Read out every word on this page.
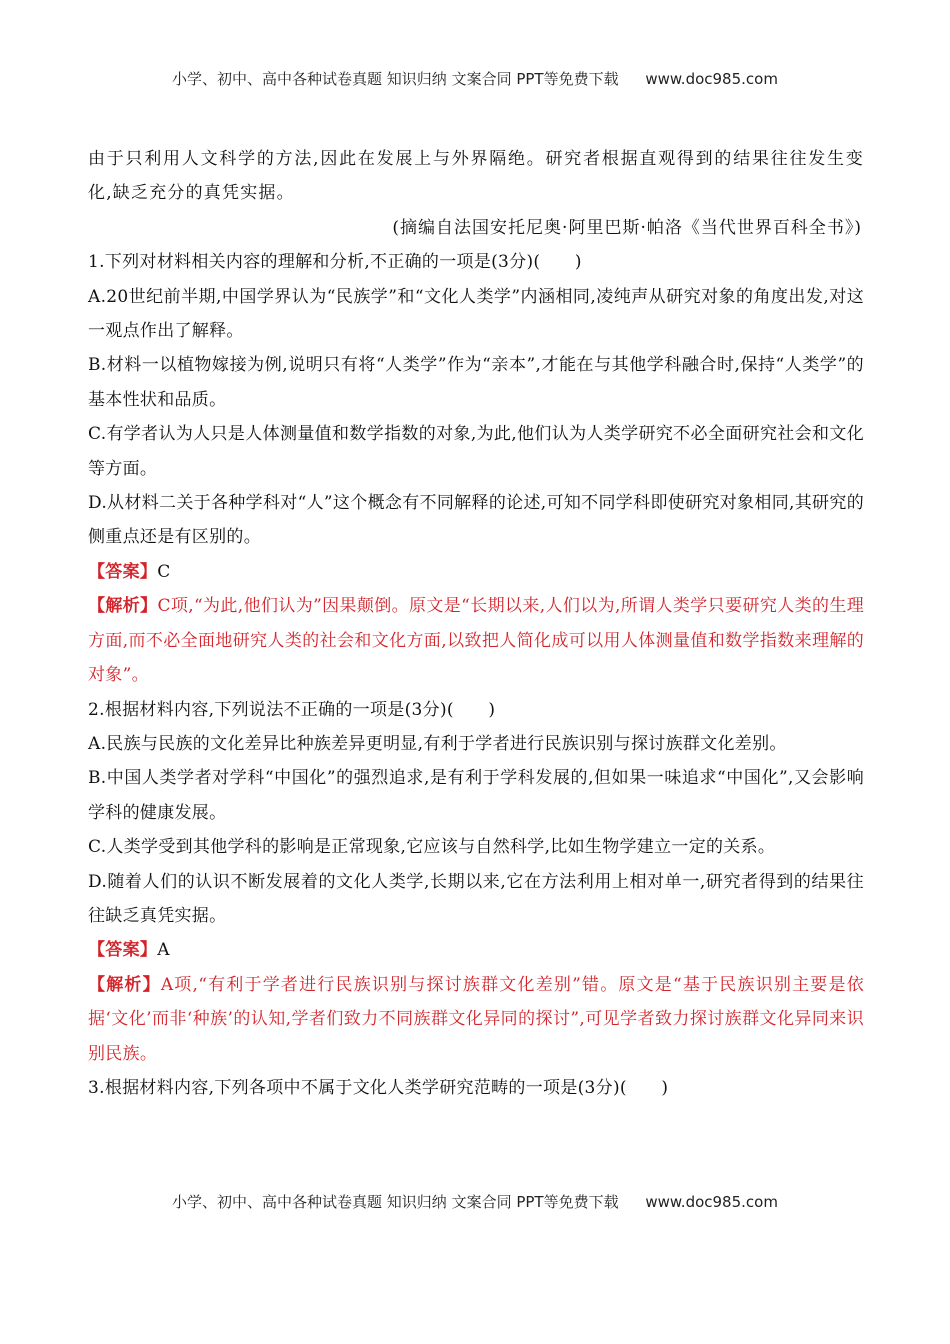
小学、初中、高中各种试卷真题 知识归纳 文案合同 PPT等免费下载 www.doc985.com

由于只利用人文科学的方法,因此在发展上与外界隔绝。研究者根据直观得到的结果往往发生变化,缺乏充分的真凭实据。

(摘编自法国安托尼奥·阿里巴斯·帕洛《当代世界百科全书》)

1.下列对材料相关内容的理解和分析,不正确的一项是(3分)(　　)

A.20世纪前半期,中国学界认为“民族学”和“文化人类学”内涵相同,凌纯声从研究对象的角度出发,对这一观点作出了解释。

B.材料一以植物嫁接为例,说明只有将“人类学”作为“亲本”,才能在与其他学科融合时,保持“人类学”的基本性状和品质。

C.有学者认为人只是人体测量值和数学指数的对象,为此,他们认为人类学研究不必全面研究社会和文化等方面。

D.从材料二关于各种学科对“人”这个概念有不同解释的论述,可知不同学科即使研究对象相同,其研究的侧重点还是有区别的。

【答案】C

【解析】C项,“为此,他们认为”因果颠倒。原文是“长期以来,人们以为,所谓人类学只要研究人类的生理方面,而不必全面地研究人类的社会和文化方面,以致把人简化成可以用人体测量值和数学指数来理解的对象”。

2.根据材料内容,下列说法不正确的一项是(3分)(　　)

A.民族与民族的文化差异比种族差异更明显,有利于学者进行民族识别与探讨族群文化差别。

B.中国人类学者对学科“中国化”的强烈追求,是有利于学科发展的,但如果一味追求“中国化”,又会影响学科的健康发展。

C.人类学受到其他学科的影响是正常现象,它应该与自然科学,比如生物学建立一定的关系。

D.随着人们的认识不断发展着的文化人类学,长期以来,它在方法利用上相对单一,研究者得到的结果往往缺乏真凭实据。

【答案】A

【解析】A项,“有利于学者进行民族识别与探讨族群文化差别”错。原文是“基于民族识别主要是依据‘文化’而非‘种族’的认知,学者们致力不同族群文化异同的探讨”,可见学者致力探讨族群文化异同来识别民族。

3.根据材料内容,下列各项中不属于文化人类学研究范畴的一项是(3分)(　　)

小学、初中、高中各种试卷真题 知识归纳 文案合同 PPT等免费下载 www.doc985.com
